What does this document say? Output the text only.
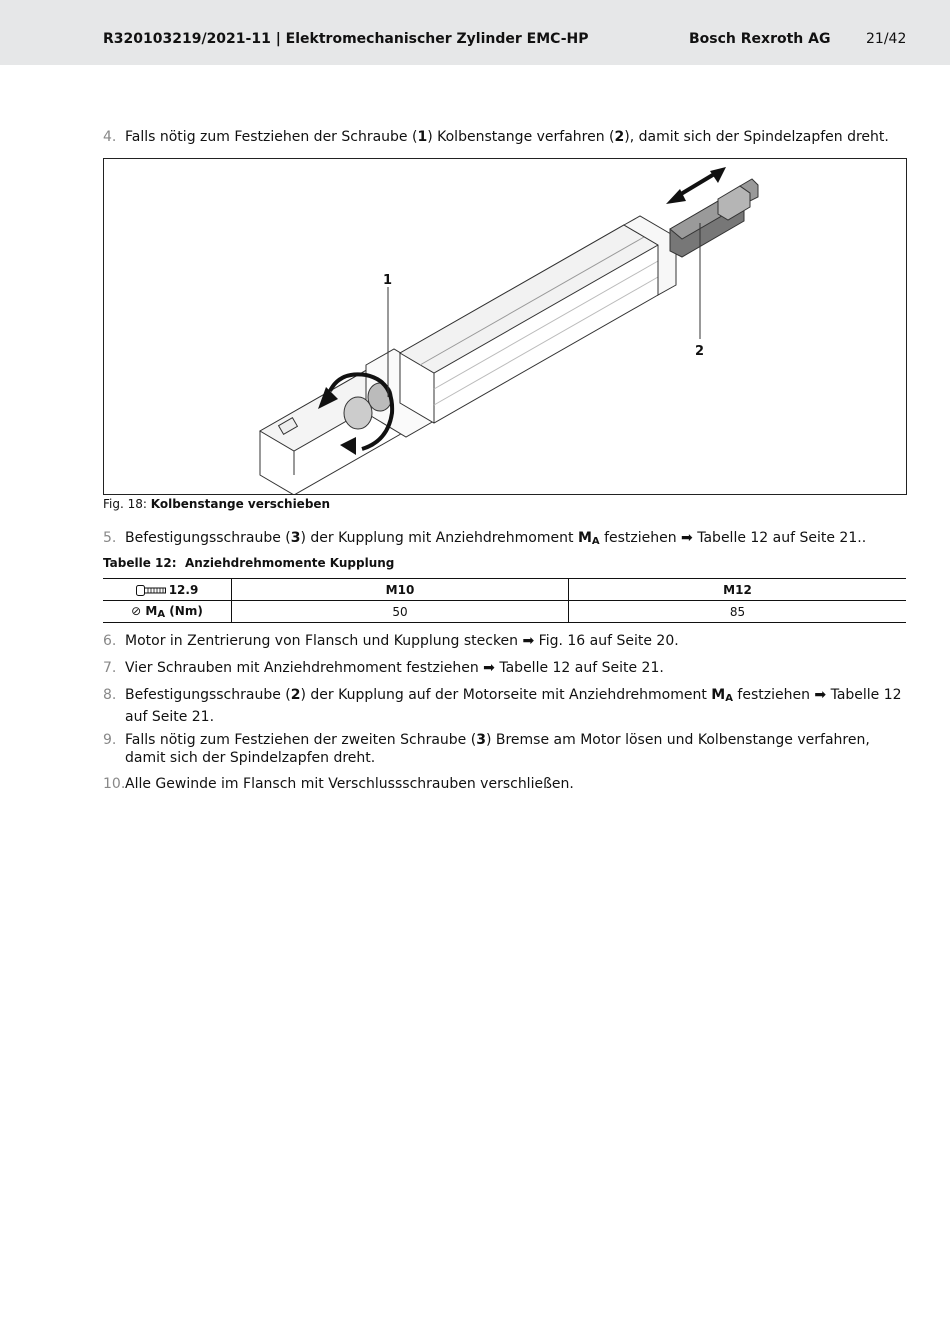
R320103219/2021-11 | Elektromechanischer Zylinder EMC-HP	Bosch Rexroth AG	21/42
4. Falls nötig zum Festziehen der Schraube (1) Kolbenstange verfahren (2), damit sich der Spindelzapfen dreht.
1
2
Fig. 18: Kolbenstange verschieben
5. Befestigungsschraube (3) der Kupplung mit Anziehdrehmoment $M_A$ festziehen ➡ Tabelle 12 auf Seite 21..
Tabelle 12: Anziehdrehmomente Kupplung
12.9	M10	M12
⊘ $M_A$ (Nm)	50	85
6. Motor in Zentrierung von Flansch und Kupplung stecken ➡ Fig. 16 auf Seite 20.
7. Vier Schrauben mit Anziehdrehmoment festziehen ➡ Tabelle 12 auf Seite 21.
8. Befestigungsschraube (2) der Kupplung auf der Motorseite mit Anziehdrehmoment $M_A$ festziehen ➡ Tabelle 12 auf Seite 21.
9. Falls nötig zum Festziehen der zweiten Schraube (3) Bremse am Motor lösen und Kolbenstange verfahren, damit sich der Spindelzapfen dreht.
10. Alle Gewinde im Flansch mit Verschlussschrauben verschließen.
